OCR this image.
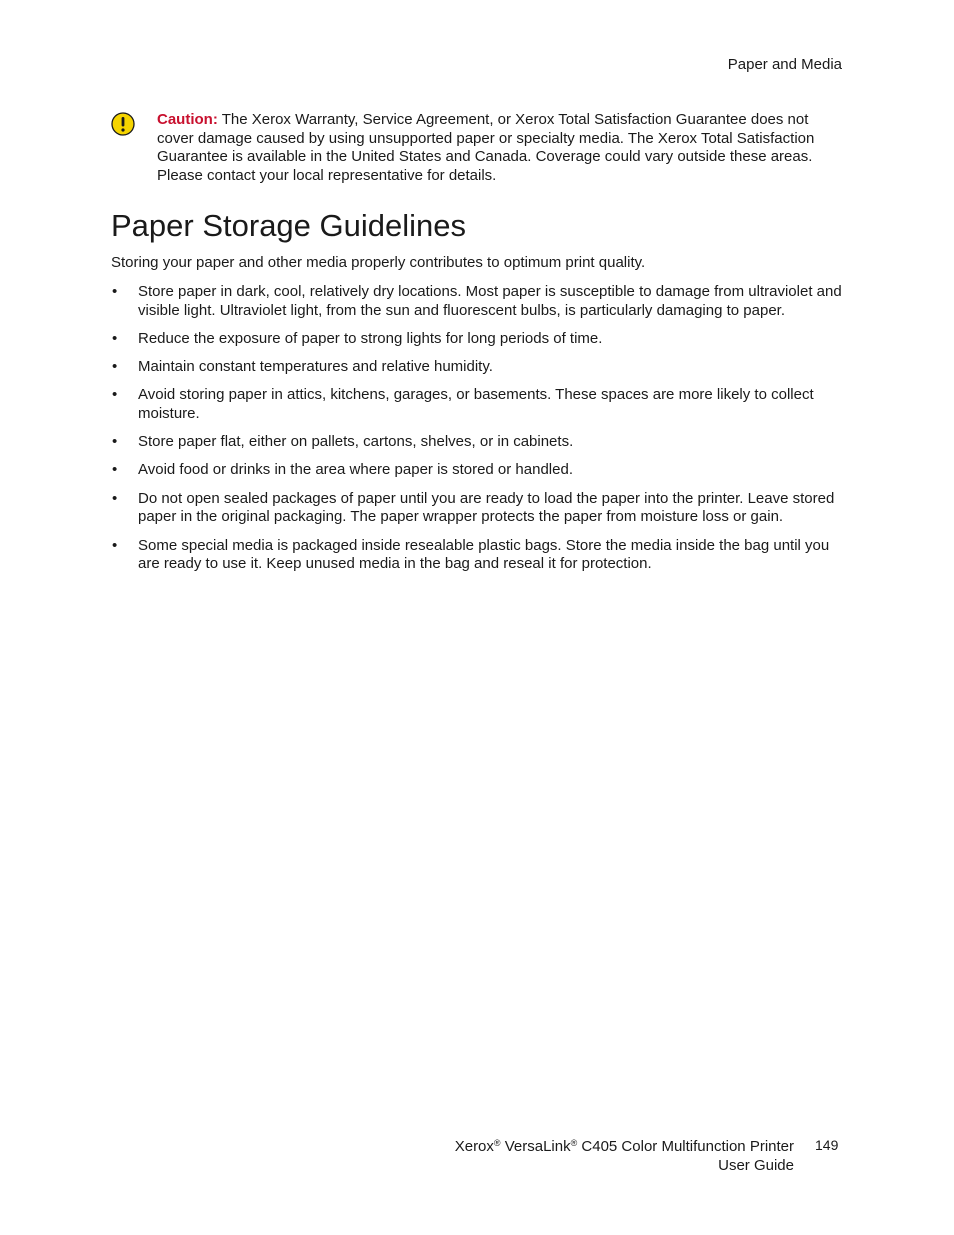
Paper and Media
Caution: The Xerox Warranty, Service Agreement, or Xerox Total Satisfaction Guarantee does not cover damage caused by using unsupported paper or specialty media. The Xerox Total Satisfaction Guarantee is available in the United States and Canada. Coverage could vary outside these areas. Please contact your local representative for details.
Paper Storage Guidelines

Storing your paper and other media properly contributes to optimum print quality.

• Store paper in dark, cool, relatively dry locations. Most paper is susceptible to damage from ultraviolet and visible light. Ultraviolet light, from the sun and fluorescent bulbs, is particularly damaging to paper.
• Reduce the exposure of paper to strong lights for long periods of time.
• Maintain constant temperatures and relative humidity.
• Avoid storing paper in attics, kitchens, garages, or basements. These spaces are more likely to collect moisture.
• Store paper flat, either on pallets, cartons, shelves, or in cabinets.
• Avoid food or drinks in the area where paper is stored or handled.
• Do not open sealed packages of paper until you are ready to load the paper into the printer. Leave stored paper in the original packaging. The paper wrapper protects the paper from moisture loss or gain.
• Some special media is packaged inside resealable plastic bags. Store the media inside the bag until you are ready to use it. Keep unused media in the bag and reseal it for protection.
Xerox® VersaLink® C405 Color Multifunction Printer
User Guide
149
